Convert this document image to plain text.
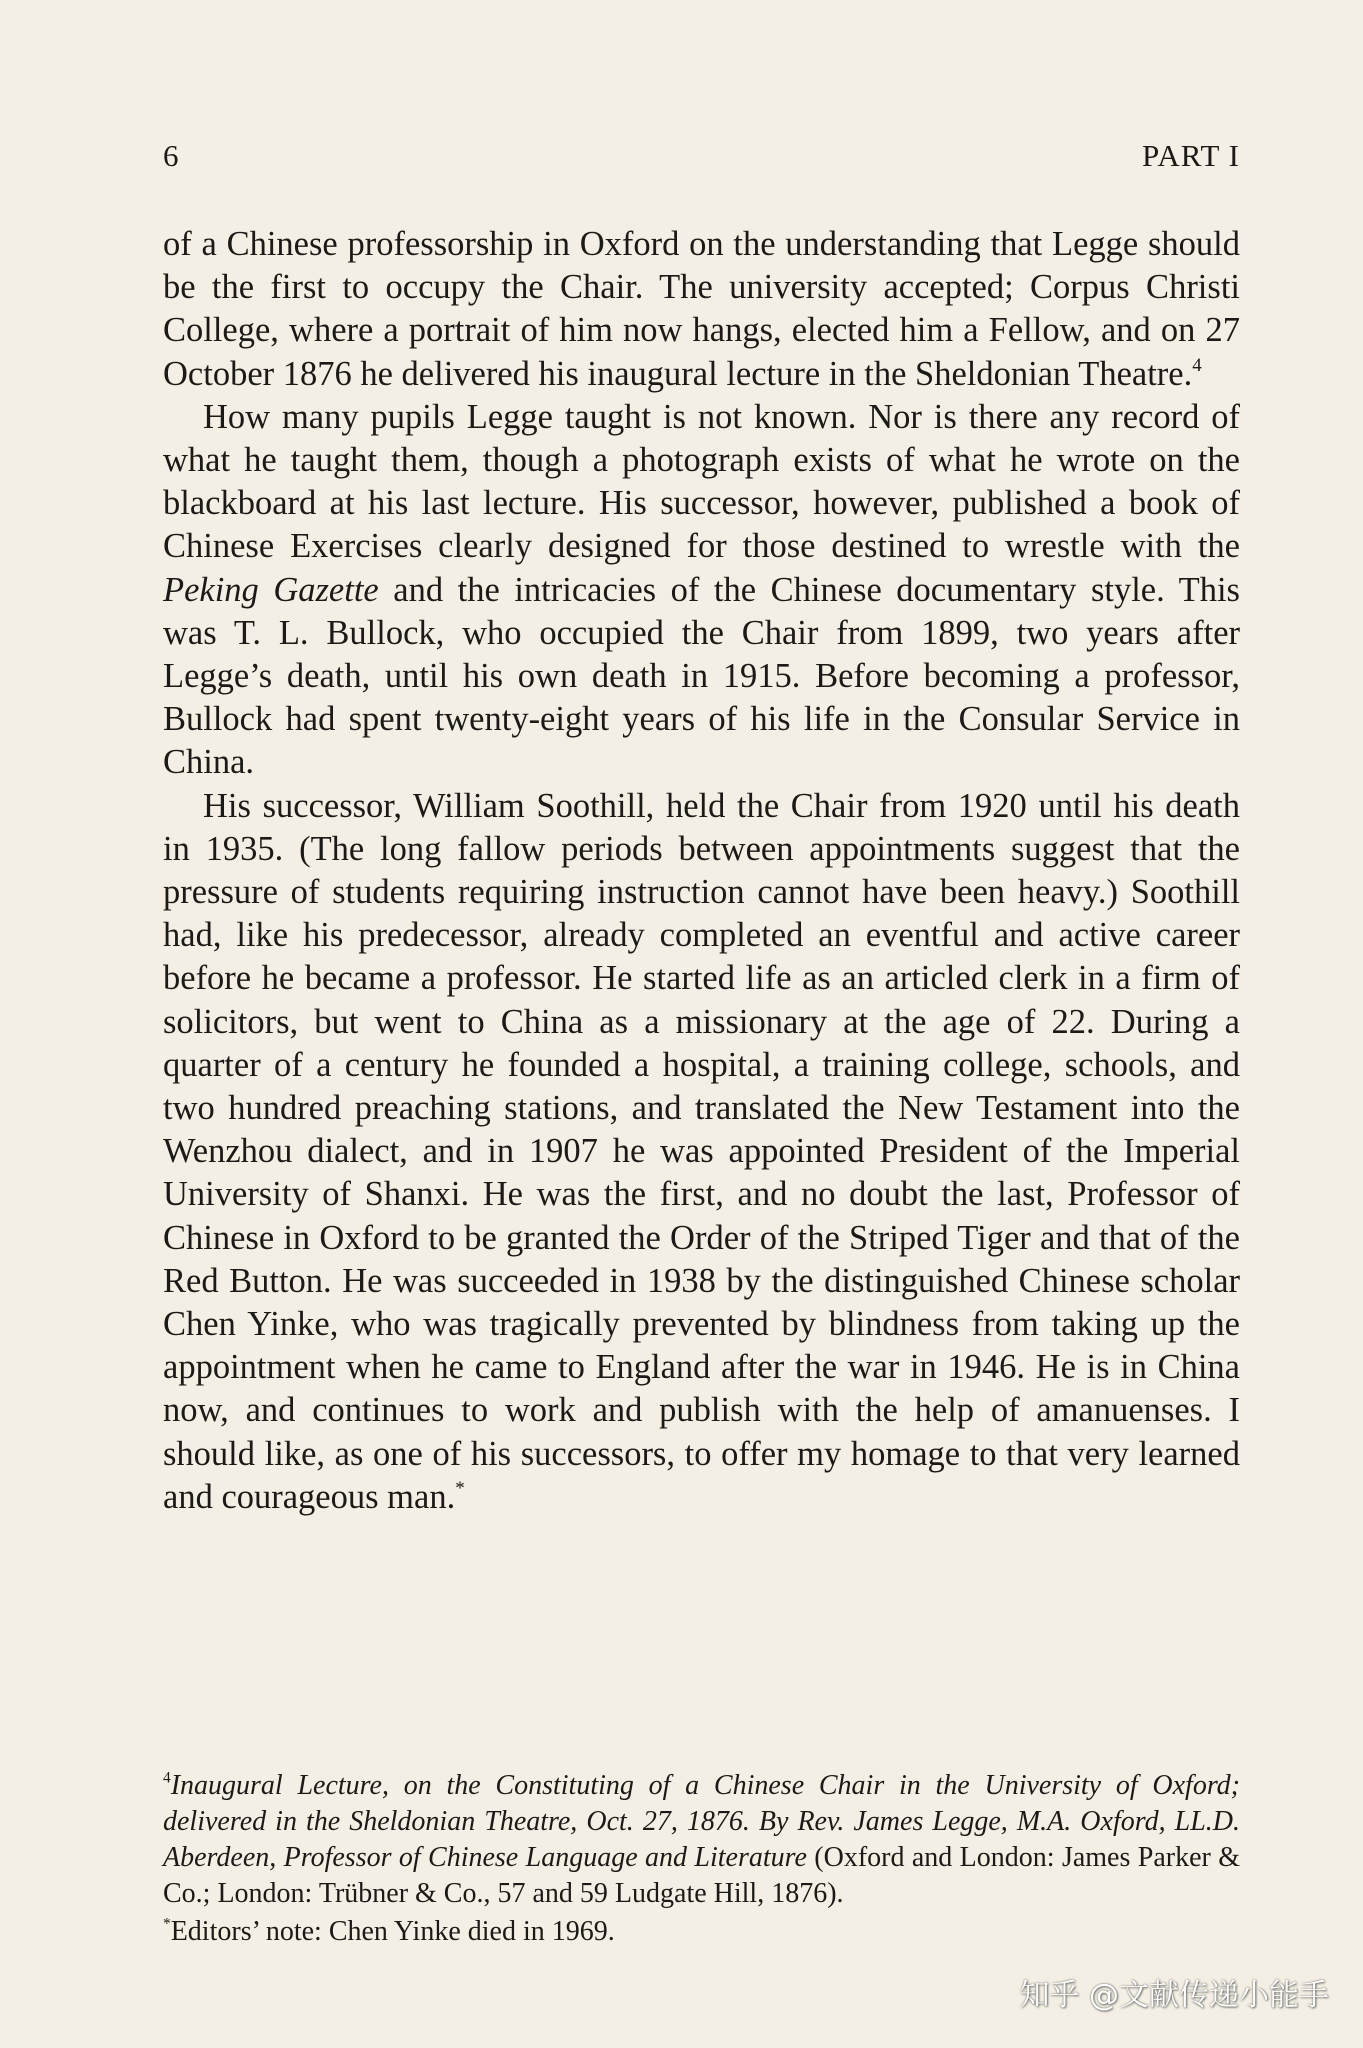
6	PART I

of a Chinese professorship in Oxford on the understanding that Legge should be the first to occupy the Chair. The university accepted; Corpus Christi College, where a portrait of him now hangs, elected him a Fellow, and on 27 October 1876 he delivered his inaugural lecture in the Sheldonian Theatre.$^4$

How many pupils Legge taught is not known. Nor is there any record of what he taught them, though a photograph exists of what he wrote on the blackboard at his last lecture. His successor, however, published a book of Chinese Exercises clearly designed for those destined to wrestle with the Peking Gazette and the intricacies of the Chinese documentary style. This was T. L. Bullock, who occupied the Chair from 1899, two years after Legge’s death, until his own death in 1915. Before becoming a professor, Bullock had spent twenty-eight years of his life in the Consular Service in China.

His successor, William Soothill, held the Chair from 1920 until his death in 1935. (The long fallow periods between appointments suggest that the pressure of students requiring instruction cannot have been heavy.) Soothill had, like his predecessor, already completed an eventful and active career before he became a professor. He started life as an articled clerk in a firm of solicitors, but went to China as a missionary at the age of 22. During a quarter of a century he founded a hospital, a training college, schools, and two hundred preaching stations, and translated the New Testament into the Wenzhou dialect, and in 1907 he was appointed President of the Imperial University of Shanxi. He was the first, and no doubt the last, Professor of Chinese in Oxford to be granted the Order of the Striped Tiger and that of the Red Button. He was succeeded in 1938 by the distinguished Chinese scholar Chen Yinke, who was tragically prevented by blindness from taking up the appointment when he came to England after the war in 1946. He is in China now, and continues to work and publish with the help of amanuenses. I should like, as one of his successors, to offer my homage to that very learned and courageous man.*

$^4$Inaugural Lecture, on the Constituting of a Chinese Chair in the University of Oxford; delivered in the Sheldonian Theatre, Oct. 27, 1876. By Rev. James Legge, M.A. Oxford, LL.D. Aberdeen, Professor of Chinese Language and Literature (Oxford and London: James Parker & Co.; London: Trübner & Co., 57 and 59 Ludgate Hill, 1876).

*Editors’ note: Chen Yinke died in 1969.

知乎 @文献传递小能手
